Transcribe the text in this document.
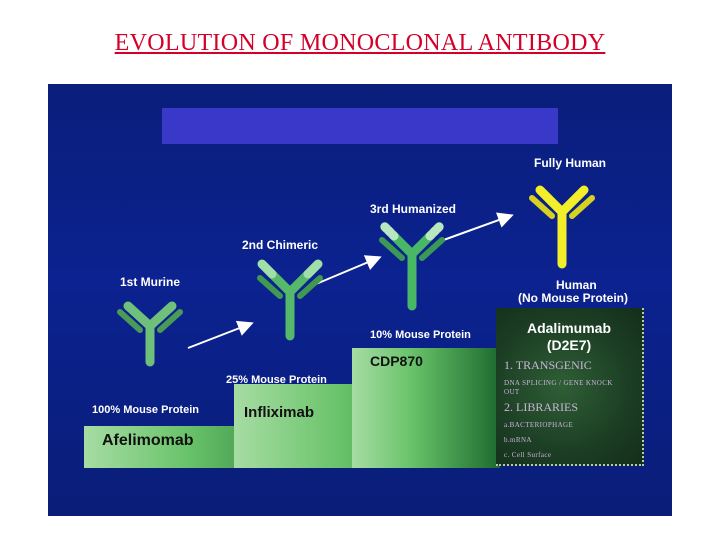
EVOLUTION OF MONOCLONAL ANTIBODY
1st Murine
2nd Chimeric
3rd Humanized
Fully Human
100% Mouse Protein
25% Mouse Protein
10% Mouse Protein
Human
(No Mouse Protein)
Afelimomab
Infliximab
CDP870
Adalimumab
(D2E7)
1. TRANSGENIC
DNA SPLICING / GENE KNOCK
OUT
2. LIBRARIES
a.BACTERIOPHAGE
b.mRNA
c. Cell Surface
